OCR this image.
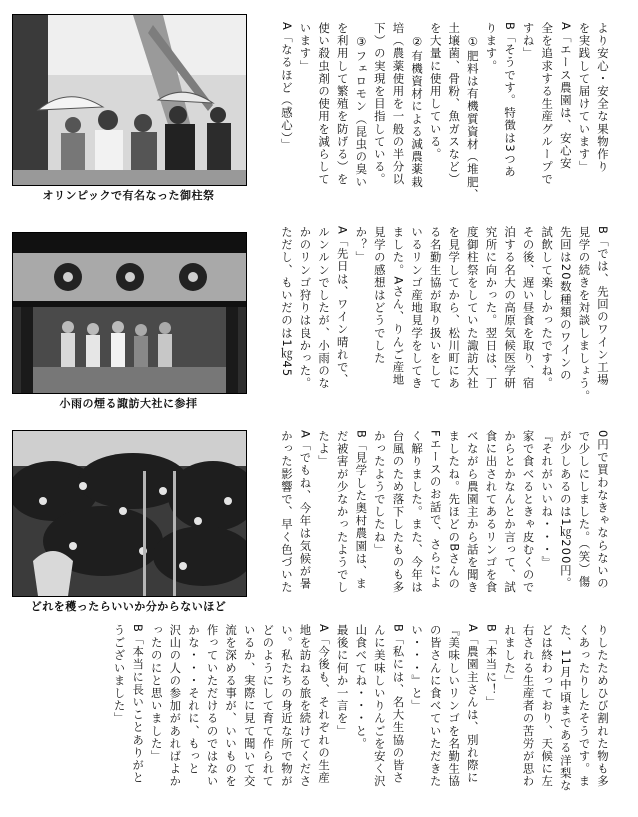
オリンピックで有名なった御柱祭
小雨の煙る諏訪大社に参拝
どれを穫ったらいいか分からないほど

より安心・安全な果物作り

を実践して届けています」

A「エース農園は、安心安

全を追求する生産グループで

すね」

B「そうです。特徴は3つあ

ります。

　①肥料は有機質資材（堆肥、

土壌菌、骨粉、魚ガスなど）

を大量に使用している。

　②有機資材による減農薬栽

培（農薬使用を一般の半分以

下）の実現を目指している。

　③フェロモン（昆虫の臭い

を利用して繁殖を防げる）を

使い殺虫剤の使用を減らして

います」

A「なるほど（感心）」

B「では、先回のワイン工場

見学の続きを対談しましょう。

先回は20数種類のワインの

試飲して楽しかったですね。

その後、遅い昼食を取り、宿

泊する名大の高原気候医学研

究所に向かった。翌日は、丁

度御柱祭をしていた諏訪大社

を見学してから、松川町にあ

る名勤生協が取り扱いをして

いるリンゴ産地見学をしてき

ました。Aさん、りんご産地

見学の感想はどうでした

か？」

A「先日は、ワイン晴れで、

ルンルンでしたが、小雨のな

かのリンゴ狩りは良かった。

ただし、もいだのは1㎏45

0円で買わなきゃならないの

で少しにしました。（笑）傷

が少しあるのは1㎏200円。

『それがいいね・・・』

家で食べるときゃ皮むくので

からとかなんとか言って、試

食に出されてあるリンゴを食

べながら農園主から話を聞き

ましたね。先ほどのBさんの

Fエースのお話で、さらによ

く解りました。また、今年は

台風のため落下したものも多

かったようでしたね」

B「見学した奥村農園は、ま

だ被害が少なかったようでし

たよ」

A「でもね、今年は気候が暑

かった影響で、早く色づいた

りしたためひび割れた物も多

くあったりしたそうです。ま

た、11月中頃まである洋梨な

どは終わっており、天候に左

右される生産者の苦労が思わ

れました」

B「本当に！」

A「農園主さんは、別れ際に

『美味しいリンゴを名勤生協

の皆さんに食べていただきた

い・・・』と」

B「私には、名大生協の皆さ

んに美味しいりんごを安く沢

山食べてね・・・と。

最後に何か一言を」

A「今後も、それぞれの生産

地を訪ねる旅を続けてくださ

い。私たちの身近な所で物が

どのようにして育て作られて

いるか、実際に見て聞いて交

流を深める事が、いいものを

作っていただけるのではない

かな・・・それに、もっと

沢山の人の参加があればよか

ったのにと思いました」

B「本当に長いことありがと

うございました」
